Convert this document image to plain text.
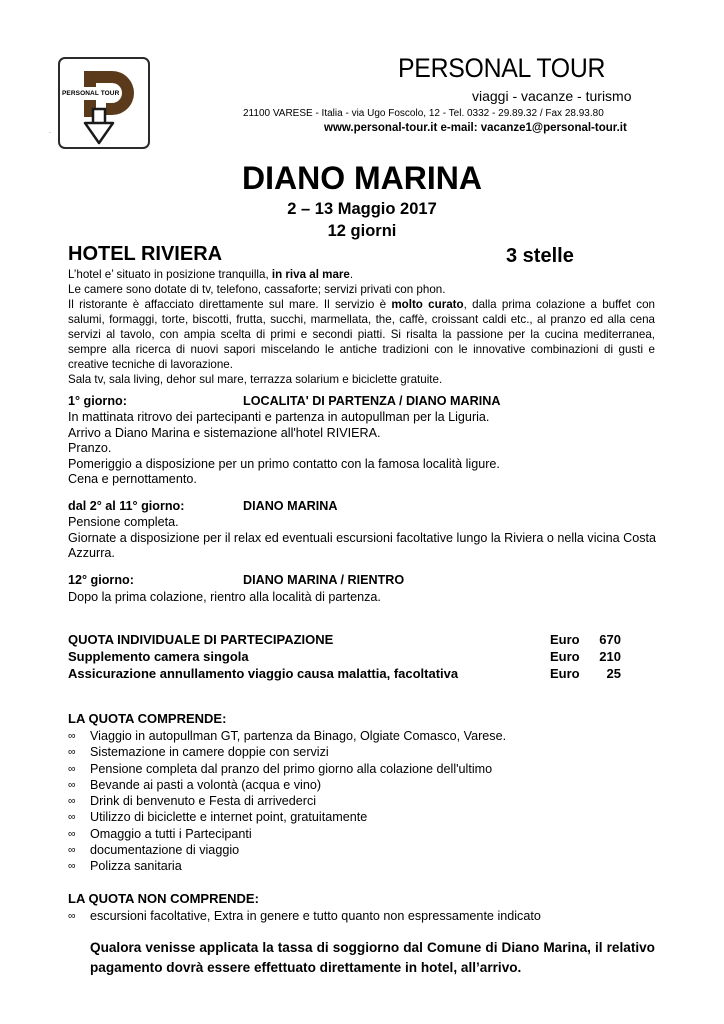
PERSONAL TOUR
.
PERSONAL TOUR
viaggi - vacanze - turismo
21100 VARESE - Italia - via Ugo Foscolo, 12 - Tel. 0332 - 29.89.32 / Fax 28.93.80
www.personal-tour.it e-mail: vacanze1@personal-tour.it
DIANO MARINA
2 – 13 Maggio 2017
12 giorni
HOTEL RIVIERA	3 stelle

L’hotel e’ situato in posizione tranquilla, in riva al mare.

Le camere sono dotate di tv, telefono, cassaforte; servizi privati con phon.

Il ristorante è affacciato direttamente sul mare. Il servizio è molto curato, dalla prima colazione a buffet con salumi, formaggi, torte, biscotti, frutta, succhi, marmellata, the, caffè, croissant caldi etc., al pranzo ed alla cena servizi al tavolo, con ampia scelta di primi e secondi piatti. Si risalta la passione per la cucina mediterranea, sempre alla ricerca di nuovi sapori miscelando le antiche tradizioni con le innovative combinazioni di gusti e creative tecniche di lavorazione.

Sala tv, sala living, dehor sul mare, terrazza solarium e biciclette gratuite.

1° giorno:	LOCALITA' DI PARTENZA / DIANO MARINA
In mattinata ritrovo dei partecipanti e partenza in autopullman per la Liguria.
Arrivo a Diano Marina e sistemazione all'hotel RIVIERA.
Pranzo.
Pomeriggio a disposizione per un primo contatto con la famosa località ligure.
Cena e pernottamento.
dal 2° al 11° giorno:	DIANO MARINA
Pensione completa.
Giornate a disposizione per il relax ed eventuali escursioni facoltative lungo la Riviera o nella vicina Costa Azzurra.
12° giorno:	DIANO MARINA / RIENTRO
Dopo la prima colazione, rientro alla località di partenza.
QUOTA INDIVIDUALE DI PARTECIPAZIONE	Euro	670
Supplemento camera singola	Euro	210
Assicurazione annullamento viaggio causa malattia, facoltativa	Euro	25
LA QUOTA COMPRENDE:
∞ Viaggio in autopullman GT, partenza da Binago, Olgiate Comasco, Varese.
∞ Sistemazione in camere doppie con servizi
∞ Pensione completa dal pranzo del primo giorno alla colazione dell'ultimo
∞ Bevande ai pasti a volontà (acqua e vino)
∞ Drink di benvenuto e Festa di arrivederci
∞ Utilizzo di biciclette e internet point, gratuitamente
∞ Omaggio a tutti i Partecipanti
∞ documentazione di viaggio
∞ Polizza sanitaria
LA QUOTA NON COMPRENDE:
∞ escursioni facoltative, Extra in genere e tutto quanto non espressamente indicato
Qualora venisse applicata la tassa di soggiorno dal Comune di Diano Marina, il relativo pagamento dovrà essere effettuato direttamente in hotel, all’arrivo.
